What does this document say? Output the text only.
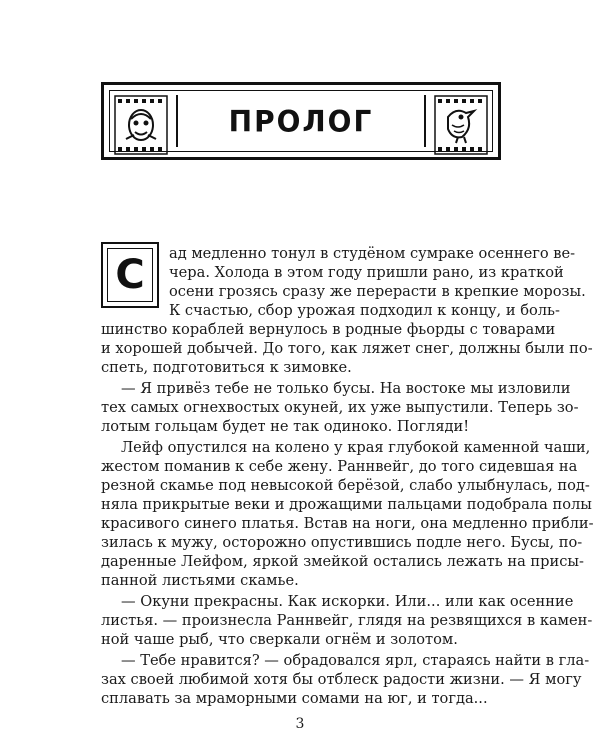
ПРОЛОГ
С ад медленно тонул в студёном сумраке осеннего ве-
чера. Холода в этом году пришли рано, из краткой
осени грозясь сразу же перерасти в крепкие морозы.
К счастью, сбор урожая подходил к концу, и боль-
шинство кораблей вернулось в родные фьорды с товарами
и хорошей добычей. До того, как ляжет снег, должны были по-
спеть, подготовиться к зимовке.
— Я привёз тебе не только бусы. На востоке мы изловили
тех самых огнехвостых окуней, их уже выпустили. Теперь зо-
лотым гольцам будет не так одиноко. Погляди!
Лейф опустился на колено у края глубокой каменной чаши,
жестом поманив к себе жену. Раннвейг, до того сидевшая на
резной скамье под невысокой берёзой, слабо улыбнулась, под-
няла прикрытые веки и дрожащими пальцами подобрала полы
красивого синего платья. Встав на ноги, она медленно прибли-
зилась к мужу, осторожно опустившись подле него. Бусы, по-
даренные Лейфом, яркой змейкой остались лежать на присы-
панной листьями скамье.
— Окуни прекрасны. Как искорки. Или... или как осенние
листья. — произнесла Раннвейг, глядя на резвящихся в камен-
ной чаше рыб, что сверкали огнём и золотом.
— Тебе нравится? — обрадовался ярл, стараясь найти в гла-
зах своей любимой хотя бы отблеск радости жизни. — Я могу
сплавать за мраморными сомами на юг, и тогда...
3
